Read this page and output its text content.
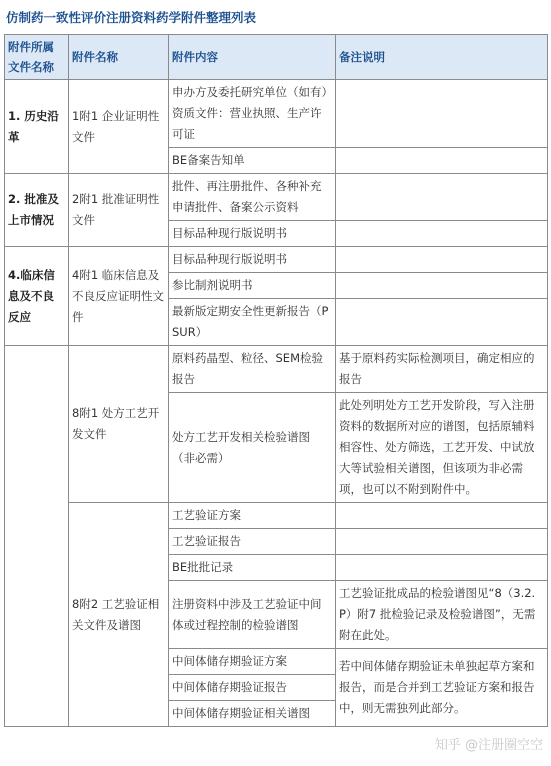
仿制药一致性评价注册资料药学附件整理列表
附件所属文件名称	附件名称	附件内容	备注说明
1. 历史沿革	1附1 企业证明性文件	申办方及委托研究单位（如有）资质文件：营业执照、生产许可证	
		BE备案告知单	
2. 批准及上市情况	2附1 批准证明性文件	批件、再注册批件、各种补充申请批件、备案公示资料	
		目标品种现行版说明书	
4.临床信息及不良反应	4附1 临床信息及不良反应证明性文件	目标品种现行版说明书	
		参比制剂说明书	
		最新版定期安全性更新报告（PSUR）	
	8附1 处方工艺开发文件	原料药晶型、粒径、SEM检验报告	基于原料药实际检测项目，确定相应的报告
		处方工艺开发相关检验谱图（非必需）	此处列明处方工艺开发阶段，写入注册资料的数据所对应的谱图，包括原辅料相容性、处方筛选，工艺开发、中试放大等试验相关谱图，但该项为非必需项，也可以不附到附件中。
	8附2 工艺验证相关文件及谱图	工艺验证方案	
		工艺验证报告	
		BE批批记录	
		注册资料中涉及工艺验证中间体或过程控制的检验谱图	工艺验证批成品的检验谱图见“8（3.2.P）附7 批检验记录及检验谱图”，无需附在此处。
		中间体储存期验证方案	若中间体储存期验证未单独起草方案和报告，而是合并到工艺验证方案和报告中，则无需独列此部分。
		中间体储存期验证报告	
		中间体储存期验证相关谱图	
知乎 @注册圈空空
